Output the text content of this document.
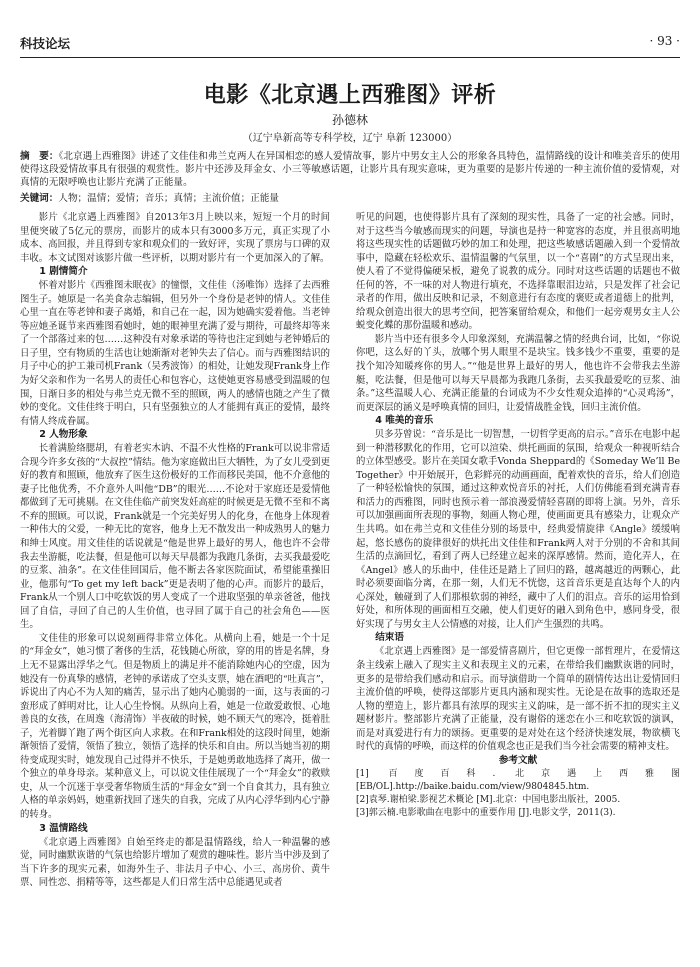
科技论坛	· 93 ·
电影《北京遇上西雅图》评析
孙德林
（辽宁阜新高等专科学校，辽宁 阜新 123000）
摘　要：《北京遇上西雅图》讲述了文佳佳和弗兰克两人在异国相恋的感人爱情故事，影片中男女主人公的形象各具特色，温情路线的设计和唯美音乐的使用使得这段爱情故事具有很强的观赏性。影片中还涉及拜金女、小三等敏感话题，让影片具有现实意味，更为重要的是影片传递的一种主流价值的爱情观，对真情的无限呼唤也让影片充满了正能量。
关键词：人物；温情；爱情；音乐；真情；主流价值；正能量

影片《北京遇上西雅图》自2013年3月上映以来，短短一个月的时间里便突破了5亿元的票房，而影片的成本只有3000多万元，真正实现了小成本、高回报，并且得到专家和观众们的一致好评，实现了票房与口碑的双丰收。本文试图对该影片做一些评析，以期对影片有一个更加深入的了解。

1 剧情简介

怀着对影片《西雅图未眠夜》的憧憬，文佳佳（汤唯饰）选择了去西雅图生子。她原是一名美食杂志编辑，但另外一个身份是老钟的情人。文佳佳心里一直在等老钟和妻子离婚，和自己在一起，因为她确实爱着他。当老钟等应她圣诞节来西雅图看她时，她的眼神里充满了爱与期待，可最终却等来了一个部落过来的包……这种没有对象承诺的等待也注定到她与老钟婚后的日子里，空有物质的生活也让她渐渐对老钟失去了信心。而与西雅图结识的月子中心的护工兼司机Frank（吴秀波饰）的相处，让她发现Frank身上作为好父亲和作为一名男人的责任心和包容心，这使她更容易感受到温暖的包围，日渐日多的相处与弗兰克无微不至的照顾，两人的感情也随之产生了微妙的变化。文佳佳终于明白，只有坚强独立的人才能拥有真正的爱情，最终有情人终成眷属。

2 人物形象

长着满脸络腮胡，有着老实木讷、不温不火性格的Frank可以说非常适合现今许多女孩的“大叔控”情结。他为家庭做出巨大牺牲，为了女儿受到更好的教育和照顾，他放弃了医生这份极好的工作而移民美国，他不介意他的妻子比他优秀，不介意外人叫他“DB”的眼光……不论对于家庭还是爱情他都做到了无可挑剔。在文佳佳临产前突发妊高症的时候更是无微不至和不离不弃的照顾。可以说，Frank就是一个完美好男人的化身，在他身上体现着一种伟大的父爱，一种无比的宽容，他身上无不散发出一种成熟男人的魅力和绅士风度。用文佳佳的话说就是“他是世界上最好的男人，他也许不会带我去坐游艇，吃法餐，但是他可以每天早晨都为我跑几条街，去买我最爱吃的豆浆、油条”。在文佳佳回国后，他不断去各家医院面试，希望能重操旧业，他那句“To get my left back”更是表明了他的心声。而影片的最后，Frank从一个别人口中吃软饭的男人变成了一个进取坚强的单亲爸爸，他找回了自信，寻回了自己的人生价值，也寻回了属于自己的社会角色——医生。

文佳佳的形象可以说刻画得非常立体化。从横向上看，她是一个十足的“拜金女”，她习惯了奢侈的生活，花钱随心所欲，穿的用的皆是名牌，身上无不显露出浮华之气。但是物质上的满足并不能消除她内心的空虚，因为她没有一份真挚的感情，老钟的承诺成了空头支票，她在酒吧的“吐真言”，诉说出了内心不为人知的痛苦，显示出了她内心脆弱的一面，这与表面的刁蛮形成了鲜明对比，让人心生怜悯。从纵向上看，她是一位敢爱敢恨、心地善良的女孩，在周逸（海清饰）半夜破的时候，她不顾天气的寒冷，挺着肚子，光着脚丫跑了两个街区向人求救。在和Frank相处的这段时间里，她渐渐领悟了爱情，领悟了独立，领悟了选择的快乐和自由。所以当她当初的期待变成现实时，她发现自己过得并不快乐，于是她勇敢地选择了离开，做一个独立的单身母亲。某种意义上，可以说文佳佳展现了一个“拜金女”的救赎史，从一个沉迷于享受奢华物质生活的“拜金女”到一个自食其力，具有独立人格的单亲妈妈，她重新找回了迷失的自我，完成了从内心浮华到内心宁静的转身。

3 温情路线

《北京遇上西雅图》自始至终走的都是温情路线，给人一种温馨的感觉，同时幽默诙谐的气氛也给影片增加了观赏的趣味性。影片当中涉及到了当下许多的现实元素，如海外生子、非法月子中心、小三、高房价、黄牛票、同性恋、捐精等等，这些都是人们日常生活中总能遇见或者

听见的问题，也使得影片具有了深刻的现实性，具备了一定的社会感。同时，对于这些当今敏感而现实的问题，导演也是持一种宽容的态度，并且很高明地将这些现实性的话题做巧妙的加工和处理，把这些敏感话题融入到一个爱情故事中，隐藏在轻松欢乐、温情温馨的气氛里，以一个“喜剧”的方式呈现出来，使人看了不觉得偏硬呆板，避免了说教的成分。同时对这些话题的话题也不做任何的答，不一味的对人物进行填充，不选择靠眼泪边站，只是发挥了社会记录者的作用，做出反映和记录，不刻意进行有态度的褒贬或者道德上的批判，给观众创造出很大的思考空间，把答案留给观众，和他们一起旁观男女主人公蜕变化蝶的那份温暖和感动。

影片当中还有很多令人印象深刻，充满温馨之情的经典台词，比如，“你说你吧，这么好的丫头，放哪个男人眼里不是块宝。钱多钱少不重要，重要的是找个知冷知暖疼你的男人。”“他是世界上最好的男人，他也许不会带我去坐游艇，吃法餐，但是他可以每天早晨都为我跑几条街，去买我最爱吃的豆浆、油条。”这些温暖人心、充满正能量的台词成为不少女性观众追捧的“心灵鸡汤”，而更深层的涵义是呼唤真情的回归，让爱情战胜金钱，回归主流价值。

4 唯美的音乐

贝多芬曾说：“音乐是比一切智慧，一切哲学更高的启示。”音乐在电影中起到一种潜移默化的作用，它可以渲染、烘托画面的氛围，给观众一种视听结合的立体型感受。影片在美国女歌手Vonda Sheppard的《Someday We’ll Be Together》中开始展开，色彩鲜亮的动画画面，配着欢快的音乐，给人们创造了一种轻松愉快的氛围，通过这种欢悦音乐的衬托，人们仿佛能看到充满青春和活力的西雅图，同时也预示着一部浪漫爱情轻喜剧的即将上演。另外，音乐可以加强画面所表现的事物，刻画人物心理，使画面更具有感染力，让观众产生共鸣。如在弗兰克和文佳佳分别的场景中，经典爱情旋律《Angle》缓缓响起，悠长感伤的旋律很好的烘托出文佳佳和Frank两人对于分别的不舍和其间生活的点滴回忆，看到了两人已经建立起来的深厚感情。然而，造化弄人，在《Angel》感人的乐曲中，佳佳还是踏上了回归的路，越离越近的两颗心，此时必须要面临分离，在那一刻，人们无不恍惚，这首音乐更是直达每个人的内心深处，触碰到了人们那根软弱的神经，藏中了人们的泪点。音乐的运用恰到好处，和所体现的画面相互交融，使人们更好的融入到角色中，感同身受，很好实现了与男女主人公情感的对接，让人们产生强烈的共鸣。

结束语

《北京遇上西雅图》是一部爱情喜剧片，但它更像一部哲理片，在爱情这条主线索上融入了现实主义和表现主义的元素，在带给我们幽默诙谐的同时，更多的是带给我们感动和启示。而导演借助一个简单的剧情传达出让爱情回归主流价值的呼唤，使得这部影片更具内涵和现实性。无论是在故事的选取还是人物的塑造上，影片都具有浓厚的现实主义韵味，是一部不折不扣的现实主义题材影片。整部影片充满了正能量，没有谢俗的迷恋在小三和吃软饭的演讽，而是对真爱进行有力的颂扬。更重要的是对处在这个经济快速发展，物欲横飞时代的真情的呼唤，而这样的价值观念也正是我们当今社会需要的精神支柱。

参考文献

[1] 百度百科. 北京遇上西雅图[EB/OL].http://baike.baidu.com/view/9804845.htm.

[2]袁琴.谢柏梁.影视艺术概论 [M].北京：中国电影出版社，2005.

[3]郭云楠.电影歌曲在电影中的重要作用 [J].电影文学，2011(3).
